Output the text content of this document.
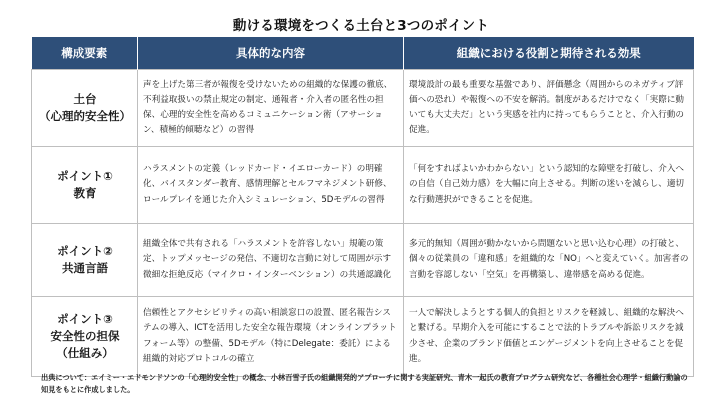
動ける環境をつくる土台と3つのポイント
構成要素	具体的な内容	組織における役割と期待される効果

土台
（心理的安全性）	声を上げた第三者が報復を受けないための組織的な保護の徹底、不利益取扱いの禁止規定の制定、通報者・介入者の匿名性の担保、心理的安全性を高めるコミュニケーション術（アサーション、積極的傾聴など）の習得	環境設計の最も重要な基盤であり、評価懸念（周囲からのネガティブ評価への恐れ）や報復への不安を解消。制度があるだけでなく「実際に動いても大丈夫だ」という実感を社内に持ってもらうことと、介入行動の促進。

ポイント①
教育	ハラスメントの定義（レッドカード・イエローカード）の明確化、バイスタンダー教育、感情理解とセルフマネジメント研修、ロールプレイを通じた介入シミュレーション、5Dモデルの習得	「何をすればよいかわからない」という認知的な障壁を打破し、介入への自信（自己効力感）を大幅に向上させる。判断の迷いを減らし、適切な行動選択ができることを促進。

ポイント②
共通言語	組織全体で共有される「ハラスメントを許容しない」規範の策定、トップメッセージの発信、不適切な言動に対して周囲が示す微細な拒絶反応（マイクロ・インターベンション）の共通認識化	多元的無知（周囲が動かないから問題ないと思い込む心理）の打破と、個々の従業員の「違和感」を組織的な「NO」へと変えていく。加害者の言動を容認しない「空気」を再構築し、違帯感を高める促進。

ポイント③
安全性の担保
（仕組み）	信頼性とアクセシビリティの高い相談窓口の設置、匿名報告システムの導入、ICTを活用した安全な報告環境（オンラインプラットフォーム等）の整備、5Dモデル（特にDelegate：委託）による組織的対応プロトコルの確立	一人で解決しようとする個人的負担とリスクを軽減し、組織的な解決へと繋げる。早期介入を可能にすることで法的トラブルや訴訟リスクを減少させ、企業のブランド価値とエンゲージメントを向上させることを促進。
出典について：エイミー・エドモンドソンの「心理的安全性」の概念、小林百雪子氏の組織開発的アプローチに関する実証研究、青木一起氏の教育プログラム研究など、各種社会心理学・組織行動論の知見をもとに作成しました。
